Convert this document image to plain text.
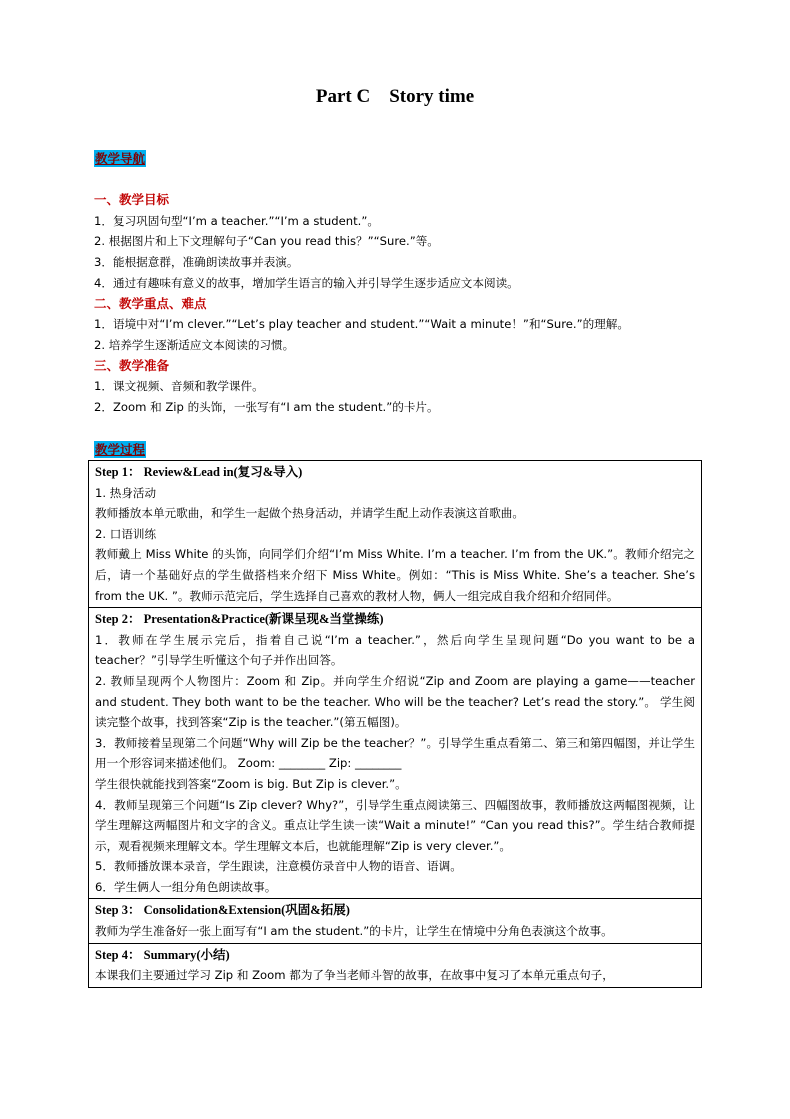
Part C    Story time
教学导航
一、教学目标
1．复习巩固句型“I’m a teacher.”“I’m a student.”。
2. 根据图片和上下文理解句子“Can you read this？”“Sure.”等。
3．能根据意群，准确朗读故事并表演。
4．通过有趣味有意义的故事，增加学生语言的输入并引导学生逐步适应文本阅读。
二、教学重点、难点
1．语境中对“I’m clever.”“Let’s play teacher and student.”“Wait a minute！”和“Sure.”的理解。
2. 培养学生逐渐适应文本阅读的习惯。
三、教学准备
1．课文视频、音频和教学课件。
2．Zoom 和 Zip 的头饰，一张写有“I am the student.”的卡片。
教学过程
Step 1： Review&Lead in(复习&导入)
1. 热身活动
教师播放本单元歌曲，和学生一起做个热身活动，并请学生配上动作表演这首歌曲。
2. 口语训练
教师戴上 Miss White 的头饰，向同学们介绍“I’m Miss White. I’m a teacher. I’m from the UK.”。教师介绍完之后，请一个基础好点的学生做搭档来介绍下 Miss White。例如：“This is Miss White. She’s a teacher. She’s from the UK. ”。教师示范完后，学生选择自己喜欢的教材人物，俩人一组完成自我介绍和介绍同伴。

Step 2： Presentation&Practice(新课呈现&当堂操练)
1．教师在学生展示完后，指着自己说“I’m a teacher.”，然后向学生呈现问题“Do you want to be a teacher？”引导学生听懂这个句子并作出回答。
2. 教师呈现两个人物图片：Zoom 和 Zip。并向学生介绍说“Zip and Zoom are playing a game——teacher and student. They both want to be the teacher. Who will be the teacher? Let’s read the story.”。 学生阅读完整个故事，找到答案“Zip is the teacher.”(第五幅图)。
3．教师接着呈现第二个问题“Why will Zip be the teacher？”。引导学生重点看第二、第三和第四幅图，并让学生用一个形容词来描述他们。 Zoom: ________ Zip: ________
学生很快就能找到答案“Zoom is big. But Zip is clever.”。
4．教师呈现第三个问题“Is Zip clever? Why?”，引导学生重点阅读第三、四幅图故事，教师播放这两幅图视频，让学生理解这两幅图片和文字的含义。重点让学生读一读“Wait a minute!” “Can you read this?”。学生结合教师提示，观看视频来理解文本。学生理解文本后，也就能理解“Zip is very clever.”。
5．教师播放课本录音，学生跟读，注意模仿录音中人物的语音、语调。
6．学生俩人一组分角色朗读故事。

Step 3： Consolidation&Extension(巩固&拓展)
教师为学生准备好一张上面写有“I am the student.”的卡片，让学生在情境中分角色表演这个故事。

Step 4： Summary(小结)
本课我们主要通过学习 Zip 和 Zoom 都为了争当老师斗智的故事，在故事中复习了本单元重点句子，
